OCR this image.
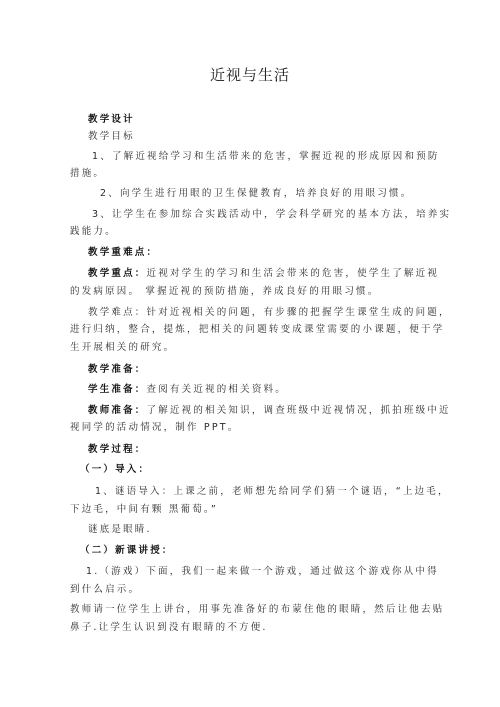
近视与生活
教学设计
教学目标
1、了解近视给学习和生活带来的危害，掌握近视的形成原因和预防
措施。
2、向学生进行用眼的卫生保健教育，培养良好的用眼习惯。
3、让学生在参加综合实践活动中，学会科学研究的基本方法，培养实
践能力。
教学重难点：
教学重点：近视对学生的学习和生活会带来的危害，使学生了解近视
的发病原因。 掌握近视的预防措施，养成良好的用眼习惯。
教学难点：针对近视相关的问题，有步骤的把握学生课堂生成的问题，
进行归纳，整合，提炼，把相关的问题转变成课堂需要的小课题，便于学
生开展相关的研究。
教学准备：
学生准备：查阅有关近视的相关资料。
教师准备：了解近视的相关知识，调查班级中近视情况，抓拍班级中近
视同学的活动情况，制作 PPT。
教学过程：
（一）导入：
1、谜语导入：上课之前，老师想先给同学们猜一个谜语，“上边毛，
下边毛，中间有颗 黑葡萄。”
谜底是眼睛.
（二）新课讲授：
1.（游戏）下面，我们一起来做一个游戏，通过做这个游戏你从中得
到什么启示。
教师请一位学生上讲台，用事先准备好的布蒙住他的眼睛，然后让他去贴
鼻子.让学生认识到没有眼睛的不方便.
